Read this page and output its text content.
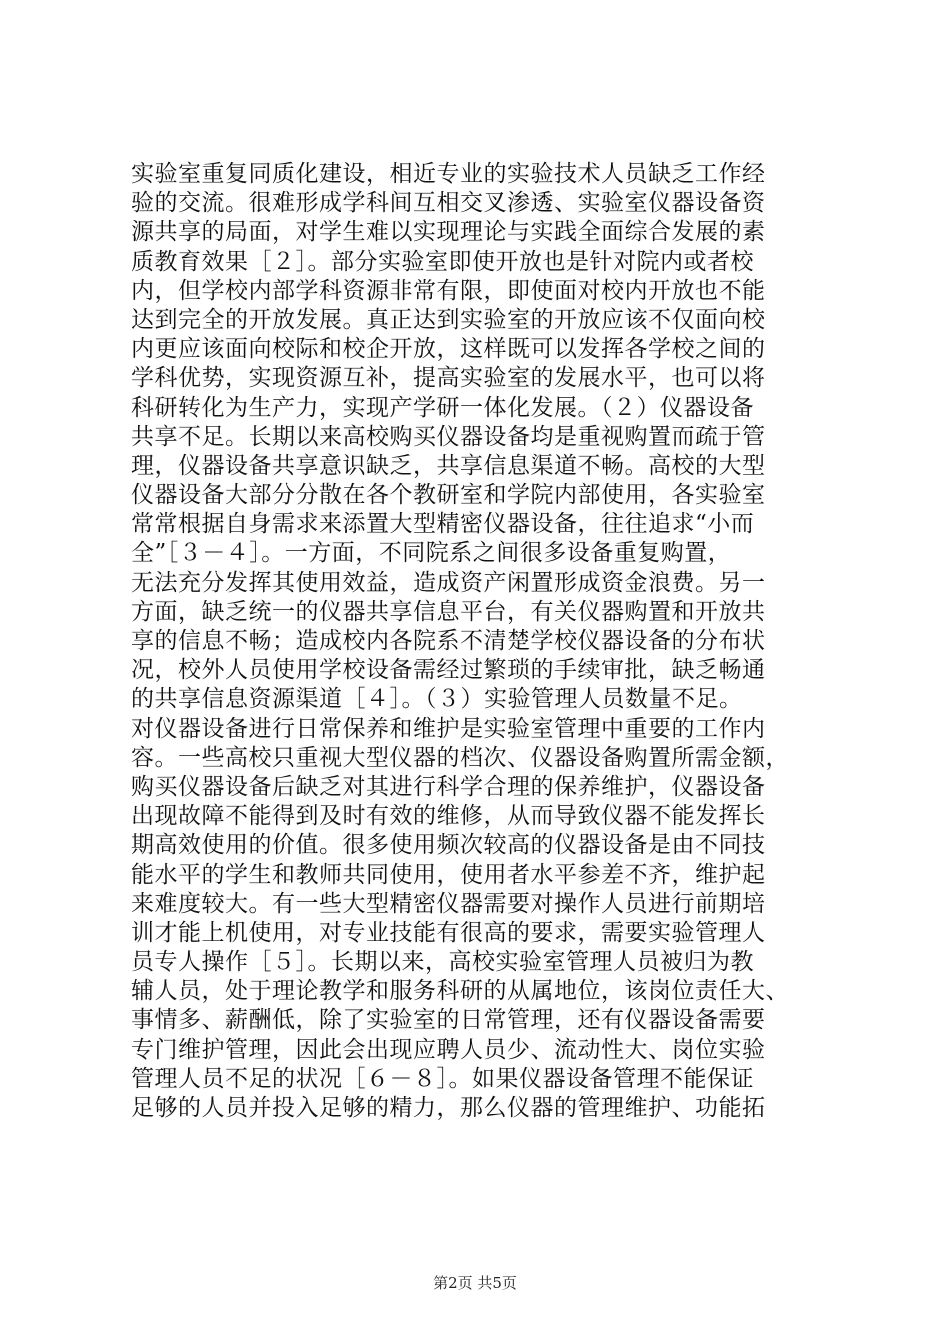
实验室重复同质化建设，相近专业的实验技术人员缺乏工作经
验的交流。很难形成学科间互相交叉渗透、实验室仪器设备资
源共享的局面，对学生难以实现理论与实践全面综合发展的素
质教育效果［２］。部分实验室即使开放也是针对院内或者校
内，但学校内部学科资源非常有限，即使面对校内开放也不能
达到完全的开放发展。真正达到实验室的开放应该不仅面向校
内更应该面向校际和校企开放，这样既可以发挥各学校之间的
学科优势，实现资源互补，提高实验室的发展水平，也可以将
科研转化为生产力，实现产学研一体化发展。（２）仪器设备
共享不足。长期以来高校购买仪器设备均是重视购置而疏于管
理，仪器设备共享意识缺乏，共享信息渠道不畅。高校的大型
仪器设备大部分分散在各个教研室和学院内部使用，各实验室
常常根据自身需求来添置大型精密仪器设备，往往追求“小而
全”［３－４］。一方面，不同院系之间很多设备重复购置，
无法充分发挥其使用效益，造成资产闲置形成资金浪费。另一
方面，缺乏统一的仪器共享信息平台，有关仪器购置和开放共
享的信息不畅；造成校内各院系不清楚学校仪器设备的分布状
况，校外人员使用学校设备需经过繁琐的手续审批，缺乏畅通
的共享信息资源渠道［４］。（３）实验管理人员数量不足。
对仪器设备进行日常保养和维护是实验室管理中重要的工作内
容。一些高校只重视大型仪器的档次、仪器设备购置所需金额，
购买仪器设备后缺乏对其进行科学合理的保养维护，仪器设备
出现故障不能得到及时有效的维修，从而导致仪器不能发挥长
期高效使用的价值。很多使用频次较高的仪器设备是由不同技
能水平的学生和教师共同使用，使用者水平参差不齐，维护起
来难度较大。有一些大型精密仪器需要对操作人员进行前期培
训才能上机使用，对专业技能有很高的要求，需要实验管理人
员专人操作［５］。长期以来，高校实验室管理人员被归为教
辅人员，处于理论教学和服务科研的从属地位，该岗位责任大、
事情多、薪酬低，除了实验室的日常管理，还有仪器设备需要
专门维护管理，因此会出现应聘人员少、流动性大、岗位实验
管理人员不足的状况［６－８］。如果仪器设备管理不能保证
足够的人员并投入足够的精力，那么仪器的管理维护、功能拓
第2页 共5页
